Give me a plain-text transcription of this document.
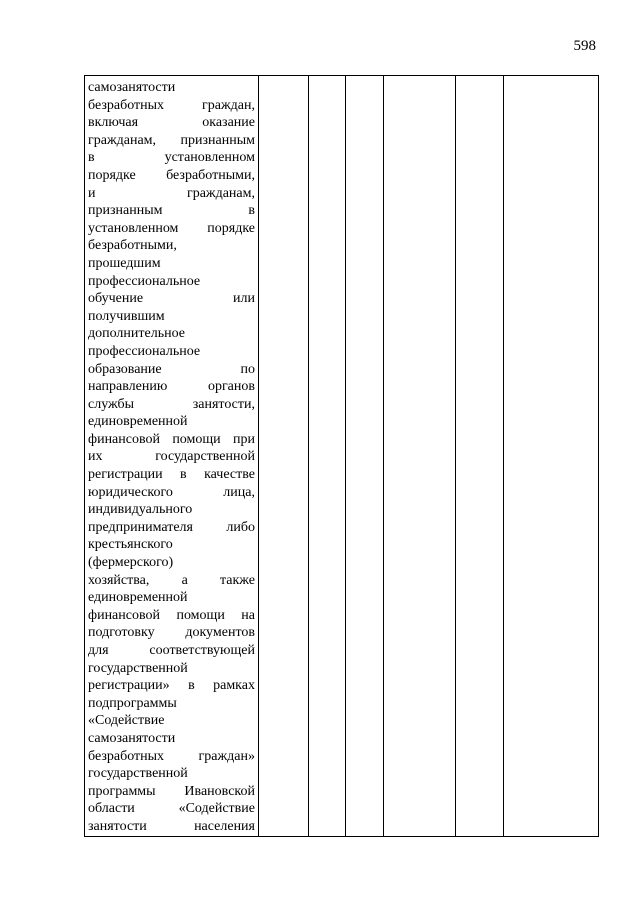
598
самозанятости
безработных граждан,
включая оказание
гражданам, признанным
в установленном
порядке безработными,
и гражданам,
признанным в
установленном порядке
безработными,
прошедшим
профессиональное
обучение или
получившим
дополнительное
профессиональное
образование по
направлению органов
службы занятости,
единовременной
финансовой помощи при
их государственной
регистрации в качестве
юридического лица,
индивидуального
предпринимателя либо
крестьянского
(фермерского)
хозяйства, а также
единовременной
финансовой помощи на
подготовку документов
для соответствующей
государственной
регистрации» в рамках
подпрограммы
«Содействие
самозанятости
безработных граждан»
государственной
программы Ивановской
области «Содействие
занятости населения
